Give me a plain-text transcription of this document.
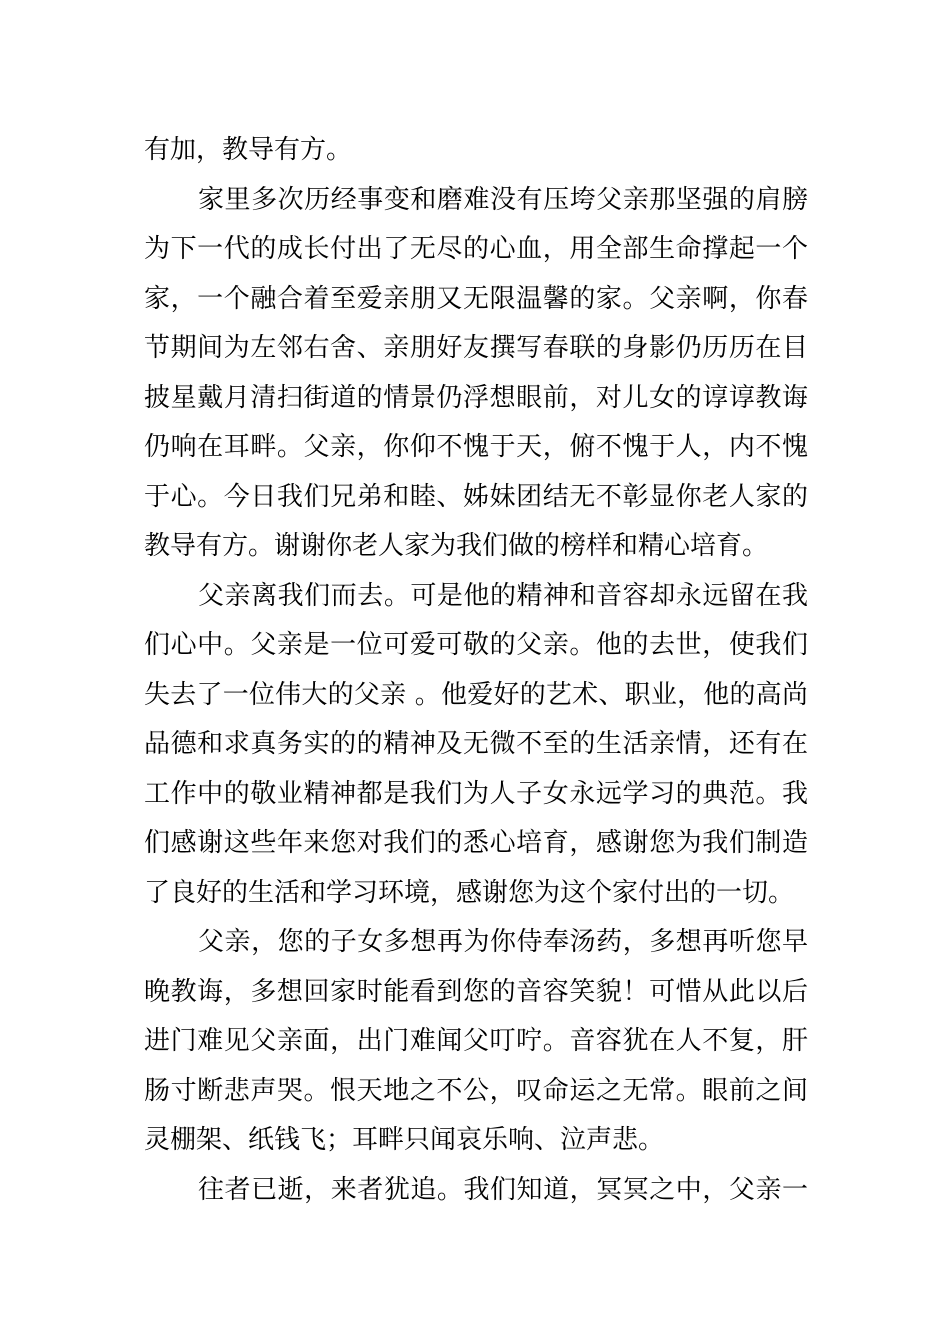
有加，教导有方。
家里多次历经事变和磨难没有压垮父亲那坚强的肩膀
为下一代的成长付出了无尽的心血，用全部生命撑起一个
家，一个融合着至爱亲朋又无限温馨的家。父亲啊，你春
节期间为左邻右舍、亲朋好友撰写春联的身影仍历历在目
披星戴月清扫街道的情景仍浮想眼前，对儿女的谆谆教诲
仍响在耳畔。父亲，你仰不愧于天，俯不愧于人，内不愧
于心。今日我们兄弟和睦、姊妹团结无不彰显你老人家的
教导有方。谢谢你老人家为我们做的榜样和精心培育。
父亲离我们而去。可是他的精神和音容却永远留在我
们心中。父亲是一位可爱可敬的父亲。他的去世，使我们
失去了一位伟大的父亲 。他爱好的艺术、职业，他的高尚
品德和求真务实的的精神及无微不至的生活亲情，还有在
工作中的敬业精神都是我们为人子女永远学习的典范。我
们感谢这些年来您对我们的悉心培育，感谢您为我们制造
了良好的生活和学习环境，感谢您为这个家付出的一切。
父亲，您的子女多想再为你侍奉汤药，多想再听您早
晚教诲，多想回家时能看到您的音容笑貌！可惜从此以后
进门难见父亲面，出门难闻父叮咛。音容犹在人不复，肝
肠寸断悲声哭。恨天地之不公，叹命运之无常。眼前之间
灵棚架、纸钱飞；耳畔只闻哀乐响、泣声悲。
往者已逝，来者犹追。我们知道，冥冥之中，父亲一
